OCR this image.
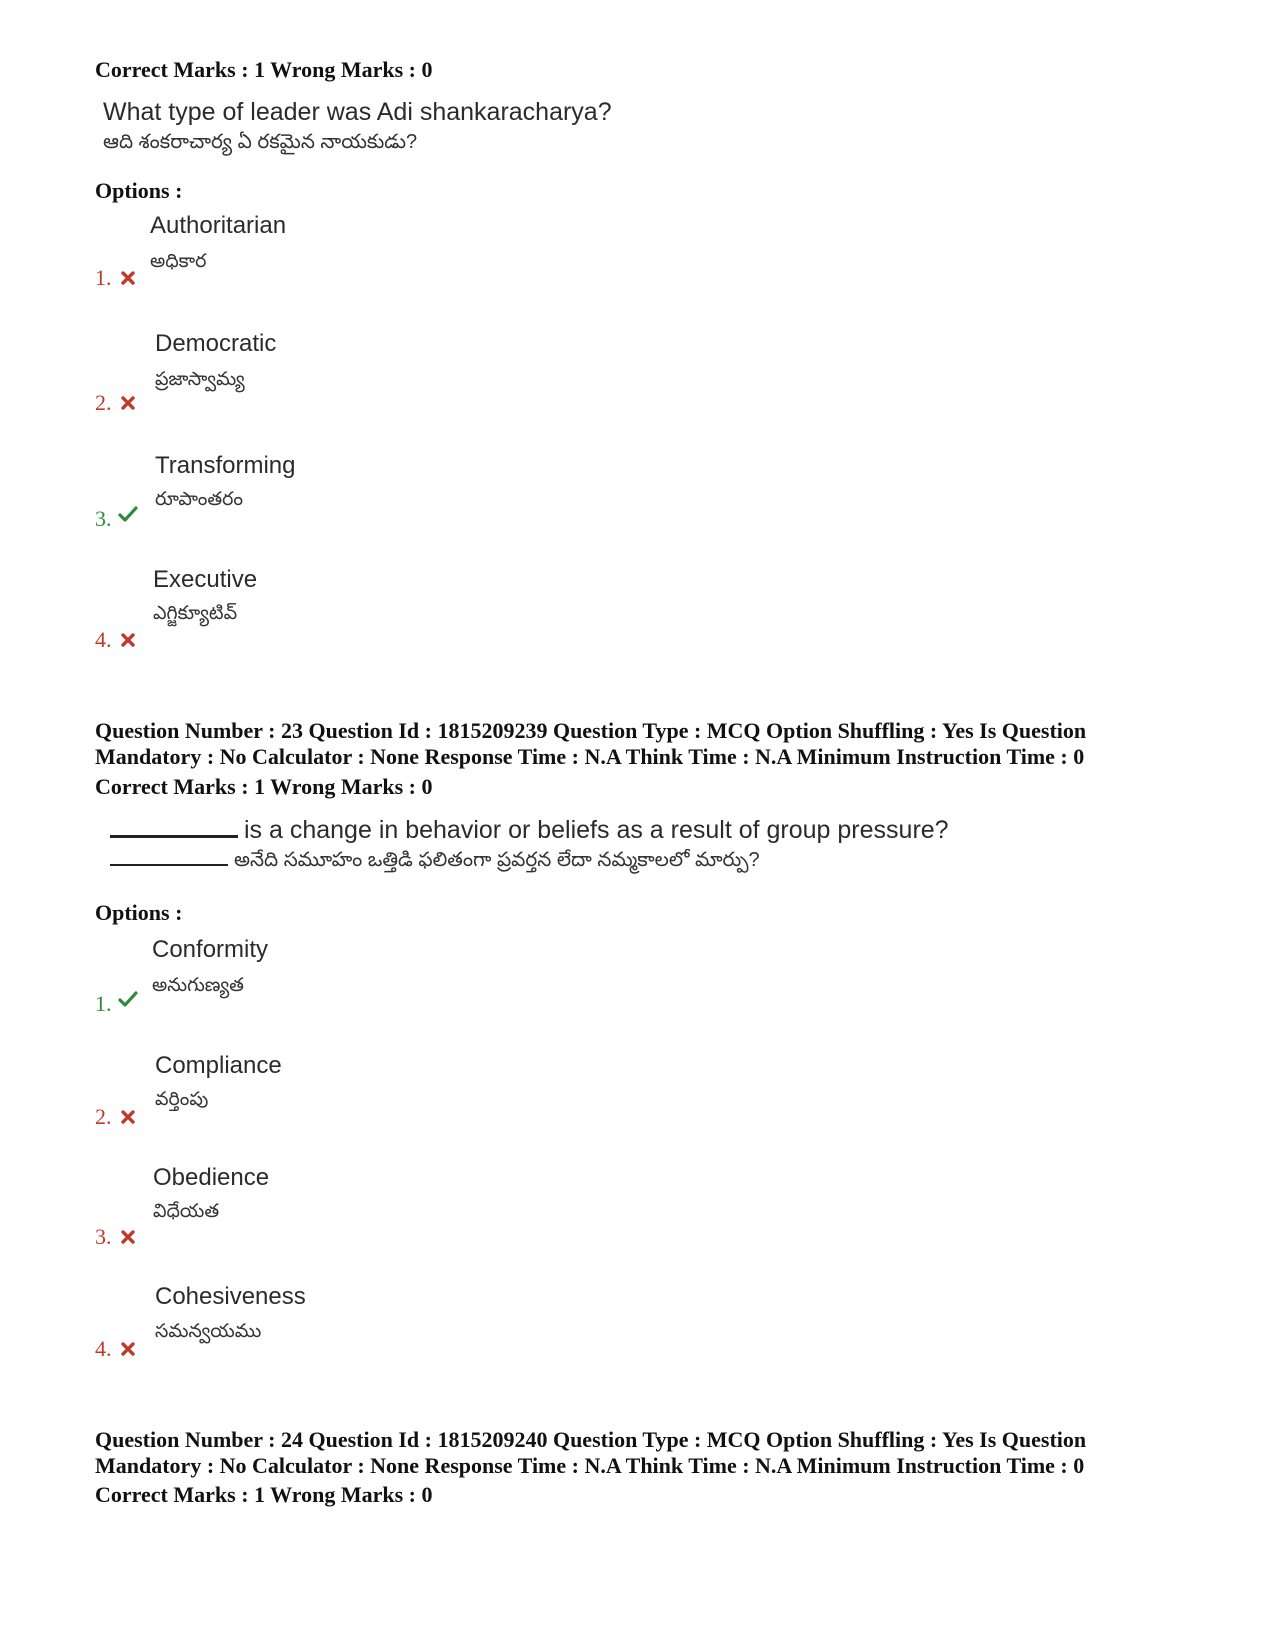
Correct Marks : 1 Wrong Marks : 0
What type of leader was Adi shankaracharya?
ఆది శంకరాచార్య ఏ రకమైన నాయకుడు?
Options :
1.
Authoritarian
అధికార
2.
Democratic
ప్రజాస్వామ్య
3.
Transforming
రూపాంతరం
4.
Executive
ఎగ్జిక్యూటివ్
Question Number : 23 Question Id : 1815209239 Question Type : MCQ Option Shuffling : Yes Is Question
Mandatory : No Calculator : None Response Time : N.A Think Time : N.A Minimum Instruction Time : 0
Correct Marks : 1 Wrong Marks : 0
is a change in behavior or beliefs as a result of group pressure?
అనేది సమూహం ఒత్తిడి ఫలితంగా ప్రవర్తన లేదా నమ్మకాలలో మార్పు?
Options :
1.
Conformity
అనుగుణ్యత
2.
Compliance
వర్తింపు
3.
Obedience
విధేయత
4.
Cohesiveness
సమన్వయము
Question Number : 24 Question Id : 1815209240 Question Type : MCQ Option Shuffling : Yes Is Question
Mandatory : No Calculator : None Response Time : N.A Think Time : N.A Minimum Instruction Time : 0
Correct Marks : 1 Wrong Marks : 0
